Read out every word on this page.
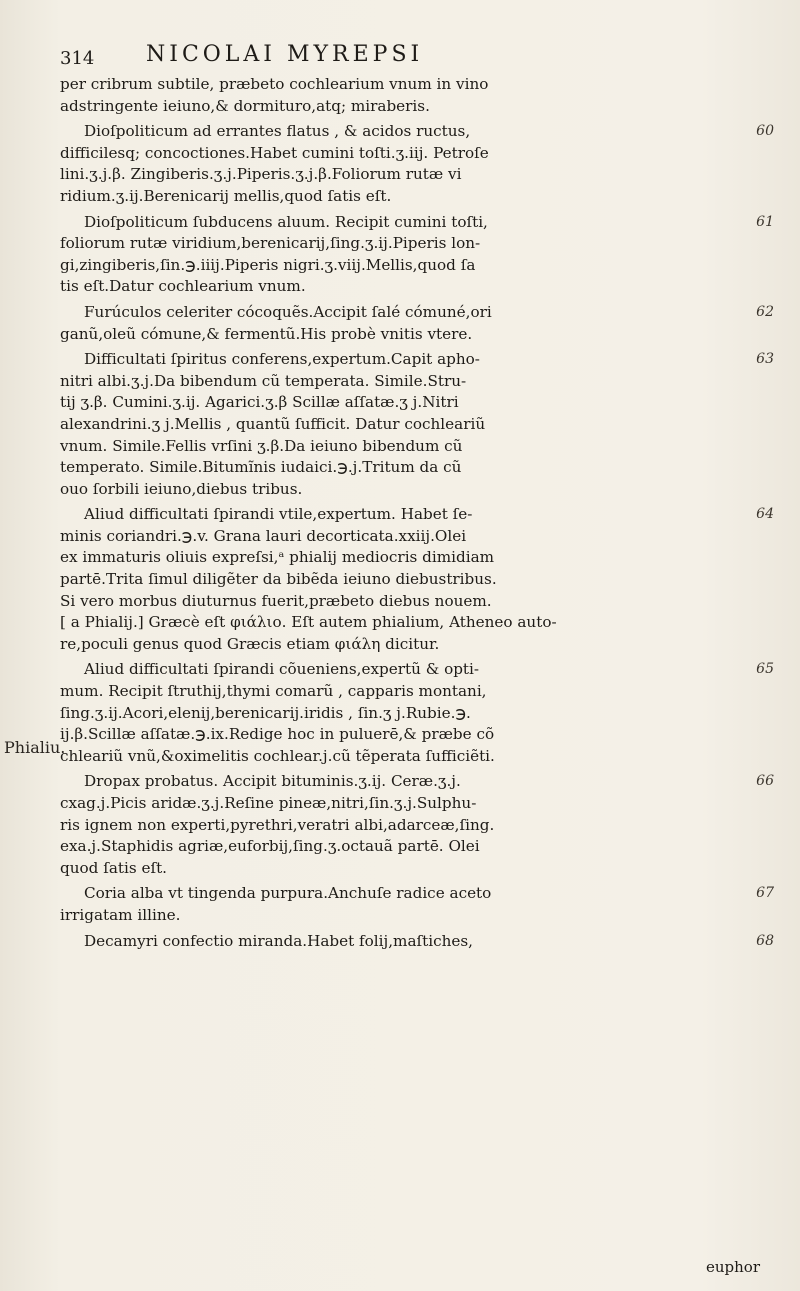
314 NICOLAI MYREPSI
Phialiu.
per cribrum subtile, præbeto cochlearium vnum in vino
adstringente ieiuno,& dormituro,atq; miraberis.
Dioſpoliticum ad errantes flatus , & acidos ructus,
difficilesq; concoctiones.Habet cumini toſti.ʒ.iij. Petroſe
lini.ʒ.j.β. Zingiberis.ʒ.j.Piperis.ʒ.j.β.Foliorum rutæ vi
ridium.ʒ.ij.Berenicarij mellis,quod ſatis eſt.
60
Dioſpoliticum ſubducens aluum. Recipit cumini toſti,
foliorum rutæ viridium,berenicarij,ſing.ʒ.ij.Piperis lon-
gi,zingiberis,ſin.℈.iiij.Piperis nigri.ʒ.viij.Mellis,quod ſa
tis eſt.Datur cochlearium vnum.
61
Furúculos celeriter cócoquẽs.Accipit ſalé cómuné,ori
ganũ,oleũ cómune,& fermentũ.His probè vnitis vtere.
62
Difficultati ſpiritus conferens,expertum.Capit apho-
nitri albi.ʒ.j.Da bibendum cũ temperata. Simile.Stru-
tij ʒ.β. Cumini.ʒ.ij. Agarici.ʒ.β Scillæ aſſatæ.ʒ j.Nitri
alexandrini.ʒ j.Mellis , quantũ ſufficit. Datur cochleariũ
vnum. Simile.Fellis vrſini ʒ.β.Da ieiuno bibendum cũ
temperato. Simile.Bitumĩnis iudaici.℈.j.Tritum da cũ
ouo ſorbili ieiuno,diebus tribus.
63
Aliud difficultati ſpirandi vtile,expertum. Habet ſe-
minis coriandri.℈.v. Grana lauri decorticata.xxiij.Olei
ex immaturis oliuis expreſsi,ᵃ phialij mediocris dimidiam
partē.Trita ſimul diligẽter da bibẽda ieiuno diebustribus.
Si vero morbus diuturnus fuerit,præbeto diebus nouem.
[ a Phialij.] Græcè eſt φιάλιο. Eſt autem phialium, Atheneo auto-
re,poculi genus quod Græcis etiam φιάλη dicitur.
64
Aliud difficultati ſpirandi cõueniens,expertũ & opti-
mum. Recipit ſtruthij,thymi comarũ , capparis montani,
ſing.ʒ.ij.Acori,elenij,berenicarij.iridis , ſin.ʒ j.Rubie.℈.
ij.β.Scillæ aſſatæ.℈.ix.Redige hoc in puluerē,& præbe cõ
chleariũ vnũ,&oximelitis cochlear.j.cũ tẽperata ſufficiẽti.
65
Dropax probatus. Accipit bituminis.ʒ.ij. Ceræ.ʒ.j.
cxag.j.Picis aridæ.ʒ.j.Reſine pineæ,nitri,ſin.ʒ.j.Sulphu-
ris ignem non experti,pyrethri,veratri albi,adarceæ,ſing.
exa.j.Staphidis agriæ,euforbij,ſing.ʒ.octauã partē. Olei
quod ſatis eſt.
66
Coria alba vt tingenda purpura.Anchuſe radice aceto
irrigatam illine.
67
Decamyri confectio miranda.Habet folij,maſtiches,	68
euphor
